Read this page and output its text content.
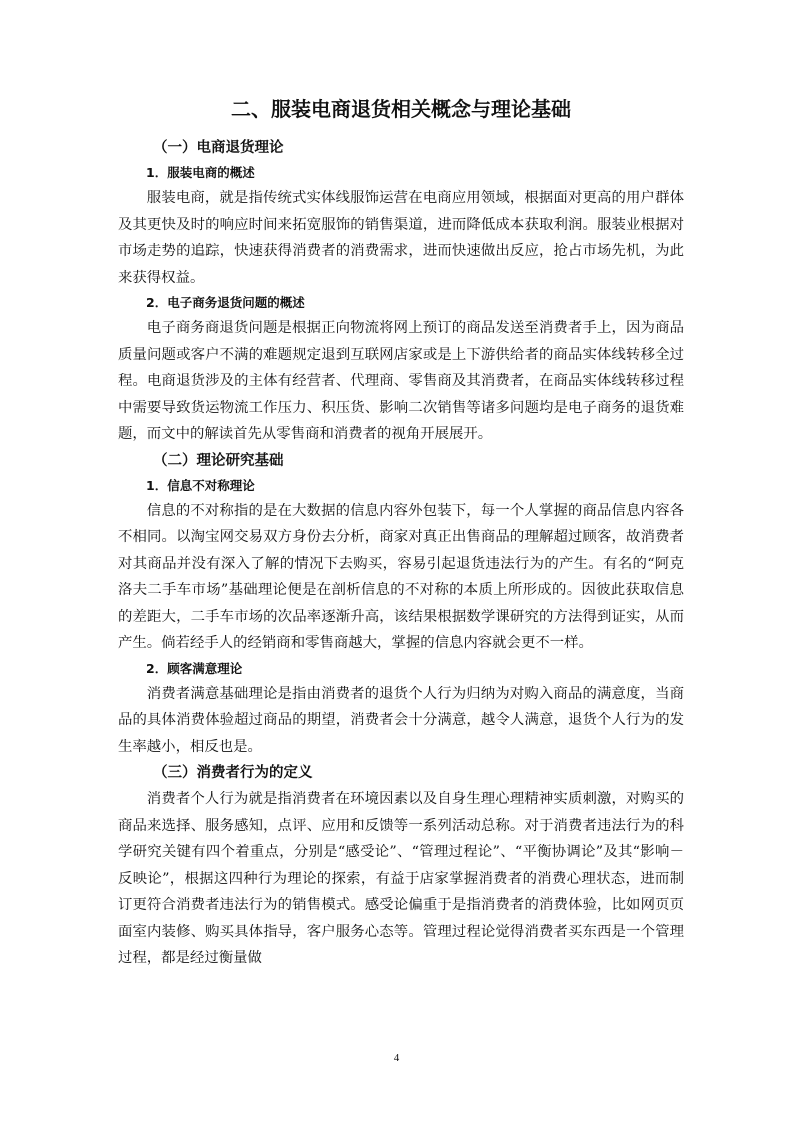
二、服装电商退货相关概念与理论基础
（一）电商退货理论
1．服装电商的概述

服装电商，就是指传统式实体线服饰运营在电商应用领域，根据面对更高的用户群体及其更快及时的响应时间来拓宽服饰的销售渠道，进而降低成本获取利润。服装业根据对市场走势的追踪，快速获得消费者的消费需求，进而快速做出反应，抢占市场先机，为此来获得权益。

2．电子商务退货问题的概述

电子商务商退货问题是根据正向物流将网上预订的商品发送至消费者手上，因为商品质量问题或客户不满的难题规定退到互联网店家或是上下游供给者的商品实体线转移全过程。电商退货涉及的主体有经营者、代理商、零售商及其消费者，在商品实体线转移过程中需要导致货运物流工作压力、积压货、影响二次销售等诸多问题均是电子商务的退货难题，而文中的解读首先从零售商和消费者的视角开展展开。

（二）理论研究基础
1．信息不对称理论

信息的不对称指的是在大数据的信息内容外包装下，每一个人掌握的商品信息内容各不相同。以淘宝网交易双方身份去分析，商家对真正出售商品的理解超过顾客，故消费者对其商品并没有深入了解的情况下去购买，容易引起退货违法行为的产生。有名的“阿克洛夫二手车市场”基础理论便是在剖析信息的不对称的本质上所形成的。因彼此获取信息的差距大，二手车市场的次品率逐渐升高，该结果根据数学课研究的方法得到证实，从而产生。倘若经手人的经销商和零售商越大，掌握的信息内容就会更不一样。

2．顾客满意理论

消费者满意基础理论是指由消费者的退货个人行为归纳为对购入商品的满意度，当商品的具体消费体验超过商品的期望，消费者会十分满意，越令人满意，退货个人行为的发生率越小，相反也是。

（三）消费者行为的定义

消费者个人行为就是指消费者在环境因素以及自身生理心理精神实质刺激，对购买的商品来选择、服务感知，点评、应用和反馈等一系列活动总称。对于消费者违法行为的科学研究关键有四个着重点，分别是“感受论”、“管理过程论”、“平衡协调论”及其“影响－反映论”，根据这四种行为理论的探索，有益于店家掌握消费者的消费心理状态，进而制订更符合消费者违法行为的销售模式。感受论偏重于是指消费者的消费体验，比如网页页面室内装修、购买具体指导，客户服务心态等。管理过程论觉得消费者买东西是一个管理过程，都是经过衡量做

4
